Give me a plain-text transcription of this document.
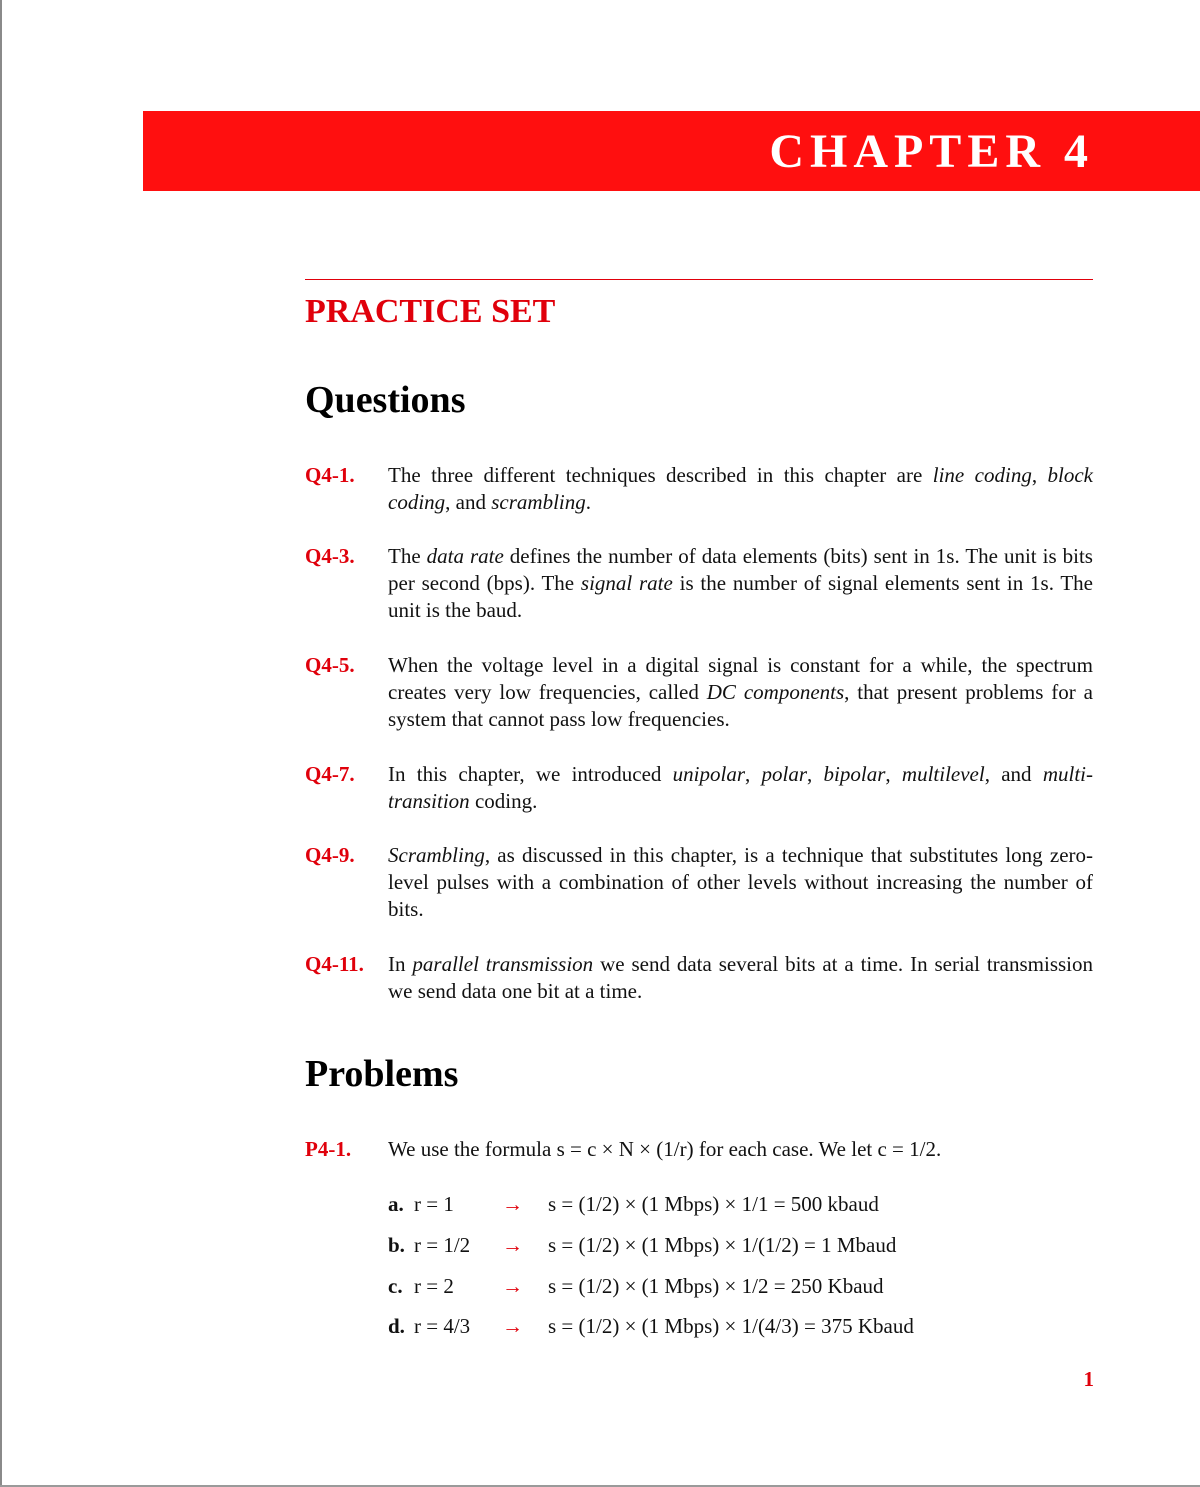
CHAPTER 4
PRACTICE SET
Questions
Q4-1. The three different techniques described in this chapter are line coding, block coding, and scrambling.
Q4-3. The data rate defines the number of data elements (bits) sent in 1s. The unit is bits per second (bps). The signal rate is the number of signal elements sent in 1s. The unit is the baud.
Q4-5. When the voltage level in a digital signal is constant for a while, the spectrum creates very low frequencies, called DC components, that present problems for a system that cannot pass low frequencies.
Q4-7. In this chapter, we introduced unipolar, polar, bipolar, multilevel, and multi-transition coding.
Q4-9. Scrambling, as discussed in this chapter, is a technique that substitutes long zero-level pulses with a combination of other levels without increasing the number of bits.
Q4-11. In parallel transmission we send data several bits at a time. In serial transmission we send data one bit at a time.
Problems
P4-1. We use the formula s = c × N × (1/r) for each case. We let c = 1/2.
a. r = 1 → s = (1/2) × (1 Mbps) × 1/1 = 500 kbaud
b. r = 1/2 → s = (1/2) × (1 Mbps) × 1/(1/2) = 1 Mbaud
c. r = 2 → s = (1/2) × (1 Mbps) × 1/2 = 250 Kbaud
d. r = 4/3 → s = (1/2) × (1 Mbps) × 1/(4/3) = 375 Kbaud
1
